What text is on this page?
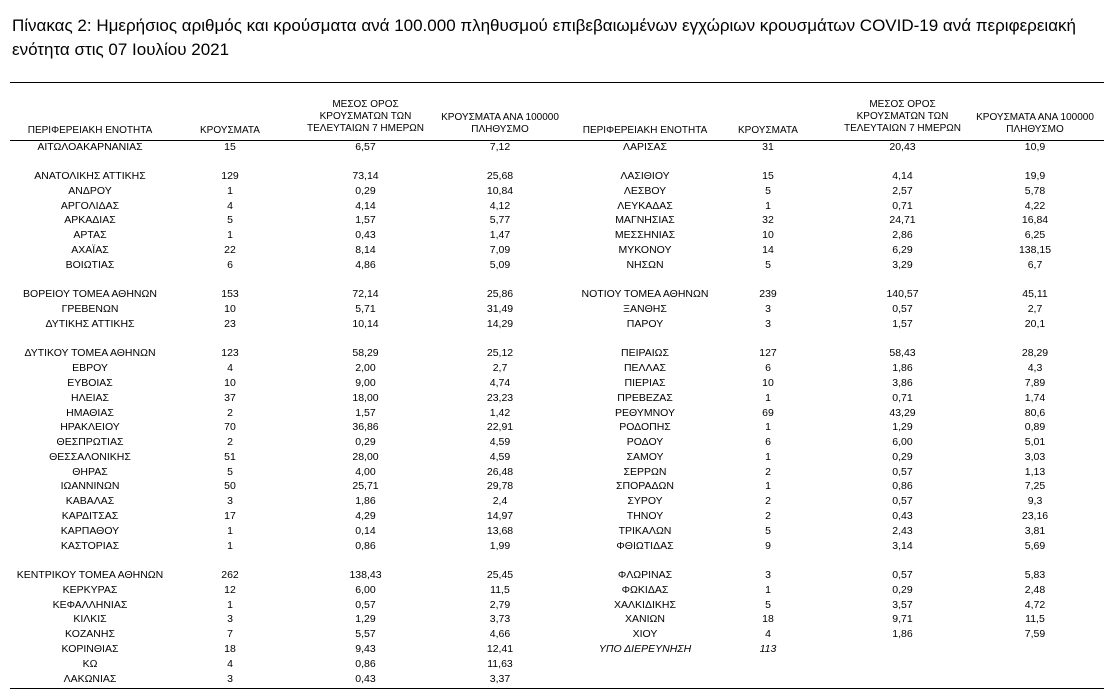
Πίνακας 2: Ημερήσιος αριθμός και κρούσματα ανά 100.000 πληθυσμού επιβεβαιωμένων εγχώριων κρουσμάτων COVID-19 ανά περιφερειακή ενότητα στις 07 Ιουλίου 2021
ΠΕΡΙΦΕΡΕΙΑΚΗ ΕΝΟΤΗΤΑ	ΚΡΟΥΣΜΑΤΑ
ΜΕΣΟΣ ΟΡΟΣ ΚΡΟΥΣΜΑΤΩΝ ΤΩΝ ΤΕΛΕΥΤΑΙΩΝ 7 ΗΜΕΡΩΝ
ΚΡΟΥΣΜΑΤΑ ΑΝΑ 100000 ΠΛΗΘΥΣΜΟ	ΠΕΡΙΦΕΡΕΙΑΚΗ ΕΝΟΤΗΤΑ	ΚΡΟΥΣΜΑΤΑ
ΜΕΣΟΣ ΟΡΟΣ ΚΡΟΥΣΜΑΤΩΝ ΤΩΝ ΤΕΛΕΥΤΑΙΩΝ 7 ΗΜΕΡΩΝ
ΚΡΟΥΣΜΑΤΑ ΑΝΑ 100000 ΠΛΗΘΥΣΜΟ
ΑΙΤΩΛΟΑΚΑΡΝΑΝΙΑΣ	15	6,57	7,12
ΑΝΑΤΟΛΙΚΗΣ ΑΤΤΙΚΗΣ	129	73,14	25,68
ΑΝΔΡΟΥ	1	0,29	10,84
ΑΡΓΟΛΙΔΑΣ	4	4,14	4,12
ΑΡΚΑΔΙΑΣ	5	1,57	5,77
ΑΡΤΑΣ	1	0,43	1,47
ΑΧΑΪΑΣ	22	8,14	7,09
ΒΟΙΩΤΙΑΣ	6	4,86	5,09
ΒΟΡΕΙΟΥ ΤΟΜΕΑ ΑΘΗΝΩΝ	153	72,14	25,86
ΓΡΕΒΕΝΩΝ	10	5,71	31,49
ΔΥΤΙΚΗΣ ΑΤΤΙΚΗΣ	23	10,14	14,29
ΔΥΤΙΚΟΥ ΤΟΜΕΑ ΑΘΗΝΩΝ	123	58,29	25,12
ΕΒΡΟΥ	4	2,00	2,7
ΕΥΒΟΙΑΣ	10	9,00	4,74
ΗΛΕΙΑΣ	37	18,00	23,23
ΗΜΑΘΙΑΣ	2	1,57	1,42
ΗΡΑΚΛΕΙΟΥ	70	36,86	22,91
ΘΕΣΠΡΩΤΙΑΣ	2	0,29	4,59
ΘΕΣΣΑΛΟΝΙΚΗΣ	51	28,00	4,59
ΘΗΡΑΣ	5	4,00	26,48
ΙΩΑΝΝΙΝΩΝ	50	25,71	29,78
ΚΑΒΑΛΑΣ	3	1,86	2,4
ΚΑΡΔΙΤΣΑΣ	17	4,29	14,97
ΚΑΡΠΑΘΟΥ	1	0,14	13,68
ΚΑΣΤΟΡΙΑΣ	1	0,86	1,99
ΚΕΝΤΡΙΚΟΥ ΤΟΜΕΑ ΑΘΗΝΩΝ	262	138,43	25,45
ΚΕΡΚΥΡΑΣ	12	6,00	11,5
ΚΕΦΑΛΛΗΝΙΑΣ	1	0,57	2,79
ΚΙΛΚΙΣ	3	1,29	3,73
ΚΟΖΑΝΗΣ	7	5,57	4,66
ΚΟΡΙΝΘΙΑΣ	18	9,43	12,41
ΚΩ	4	0,86	11,63
ΛΑΚΩΝΙΑΣ	3	0,43	3,37
ΛΑΡΙΣΑΣ	31	20,43	10,9
ΛΑΣΙΘΙΟΥ	15	4,14	19,9
ΛΕΣΒΟΥ	5	2,57	5,78
ΛΕΥΚΑΔΑΣ	1	0,71	4,22
ΜΑΓΝΗΣΙΑΣ	32	24,71	16,84
ΜΕΣΣΗΝΙΑΣ	10	2,86	6,25
ΜΥΚΟΝΟΥ	14	6,29	138,15
ΝΗΣΩΝ	5	3,29	6,7
ΝΟΤΙΟΥ ΤΟΜΕΑ ΑΘΗΝΩΝ	239	140,57	45,11
ΞΑΝΘΗΣ	3	0,57	2,7
ΠΑΡΟΥ	3	1,57	20,1
ΠΕΙΡΑΙΩΣ	127	58,43	28,29
ΠΕΛΛΑΣ	6	1,86	4,3
ΠΙΕΡΙΑΣ	10	3,86	7,89
ΠΡΕΒΕΖΑΣ	1	0,71	1,74
ΡΕΘΥΜΝΟΥ	69	43,29	80,6
ΡΟΔΟΠΗΣ	1	1,29	0,89
ΡΟΔΟΥ	6	6,00	5,01
ΣΑΜΟΥ	1	0,29	3,03
ΣΕΡΡΩΝ	2	0,57	1,13
ΣΠΟΡΑΔΩΝ	1	0,86	7,25
ΣΥΡΟΥ	2	0,57	9,3
ΤΗΝΟΥ	2	0,43	23,16
ΤΡΙΚΑΛΩΝ	5	2,43	3,81
ΦΘΙΩΤΙΔΑΣ	9	3,14	5,69
ΦΛΩΡΙΝΑΣ	3	0,57	5,83
ΦΩΚΙΔΑΣ	1	0,29	2,48
ΧΑΛΚΙΔΙΚΗΣ	5	3,57	4,72
ΧΑΝΙΩΝ	18	9,71	11,5
ΧΙΟΥ	4	1,86	7,59
ΥΠΟ ΔΙΕΡΕΥΝΗΣΗ	113
